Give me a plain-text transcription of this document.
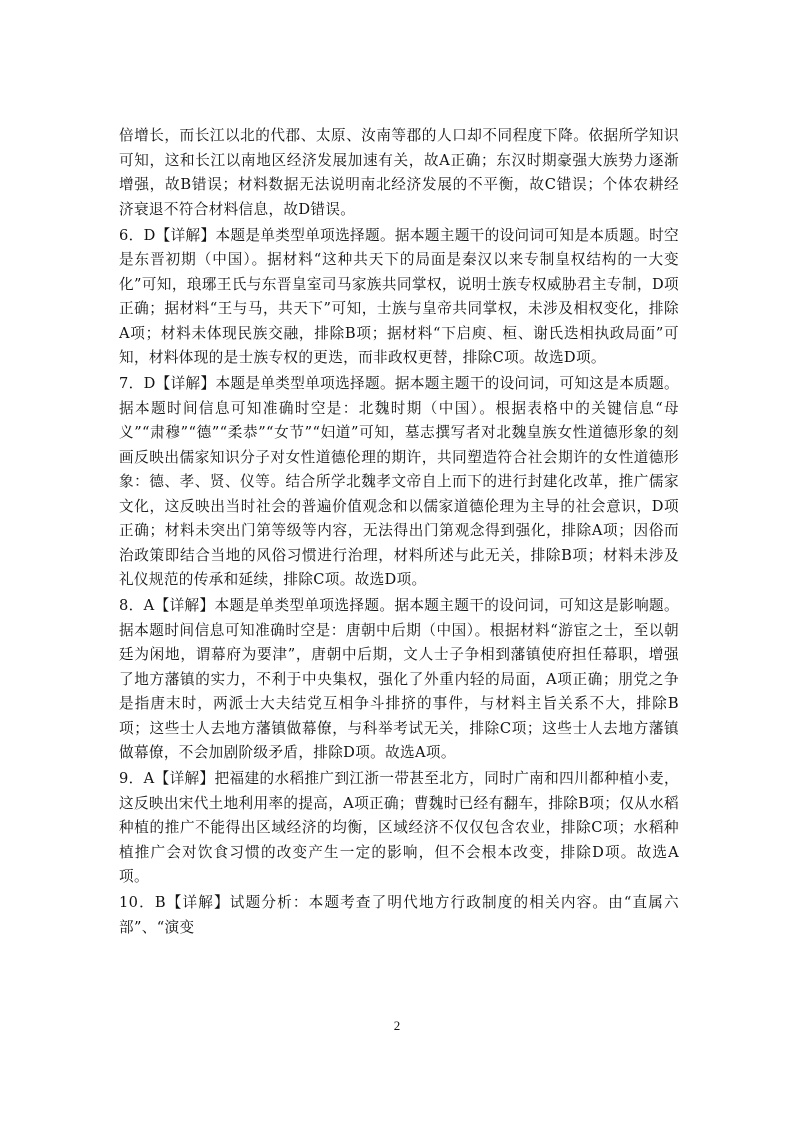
倍增长，而长江以北的代郡、太原、汝南等郡的人口却不同程度下降。依据所学知识可知，这和长江以南地区经济发展加速有关，故A正确；东汉时期豪强大族势力逐渐增强，故B错误；材料数据无法说明南北经济发展的不平衡，故C错误；个体农耕经济衰退不符合材料信息，故D错误。

6．D【详解】本题是单类型单项选择题。据本题主题干的设问词可知是本质题。时空是东晋初期（中国）。据材料“这种共天下的局面是秦汉以来专制皇权结构的一大变化”可知，琅琊王氏与东晋皇室司马家族共同掌权，说明士族专权威胁君主专制，D项正确；据材料“王与马，共天下”可知，士族与皇帝共同掌权，未涉及相权变化，排除A项；材料未体现民族交融，排除B项；据材料“下启庾、桓、谢氏迭相执政局面”可知，材料体现的是士族专权的更迭，而非政权更替，排除C项。故选D项。

7．D【详解】本题是单类型单项选择题。据本题主题干的设问词，可知这是本质题。据本题时间信息可知准确时空是：北魏时期（中国）。根据表格中的关键信息“母义”“肃穆”“德”“柔恭”“女节”“妇道”可知，墓志撰写者对北魏皇族女性道德形象的刻画反映出儒家知识分子对女性道德伦理的期许，共同塑造符合社会期许的女性道德形象：德、孝、贤、仪等。结合所学北魏孝文帝自上而下的进行封建化改革，推广儒家文化，这反映出当时社会的普遍价值观念和以儒家道德伦理为主导的社会意识，D项正确；材料未突出门第等级等内容，无法得出门第观念得到强化，排除A项；因俗而治政策即结合当地的风俗习惯进行治理，材料所述与此无关，排除B项；材料未涉及礼仪规范的传承和延续，排除C项。故选D项。

8．A【详解】本题是单类型单项选择题。据本题主题干的设问词，可知这是影响题。据本题时间信息可知准确时空是：唐朝中后期（中国）。根据材料“游宦之士，至以朝廷为闲地，谓幕府为要津”，唐朝中后期，文人士子争相到藩镇使府担任幕职，增强了地方藩镇的实力，不利于中央集权，强化了外重内轻的局面，A项正确；朋党之争是指唐末时，两派士大夫结党互相争斗排挤的事件，与材料主旨关系不大，排除B项；这些士人去地方藩镇做幕僚，与科举考试无关，排除C项；这些士人去地方藩镇做幕僚，不会加剧阶级矛盾，排除D项。故选A项。

9．A【详解】把福建的水稻推广到江浙一带甚至北方，同时广南和四川都种植小麦，这反映出宋代土地利用率的提高，A项正确；曹魏时已经有翻车，排除B项；仅从水稻种植的推广不能得出区域经济的均衡，区域经济不仅仅包含农业，排除C项；水稻种植推广会对饮食习惯的改变产生一定的影响，但不会根本改变，排除D项。故选A项。

10．B【详解】试题分析：本题考查了明代地方行政制度的相关内容。由“直属六部”、“演变

2
